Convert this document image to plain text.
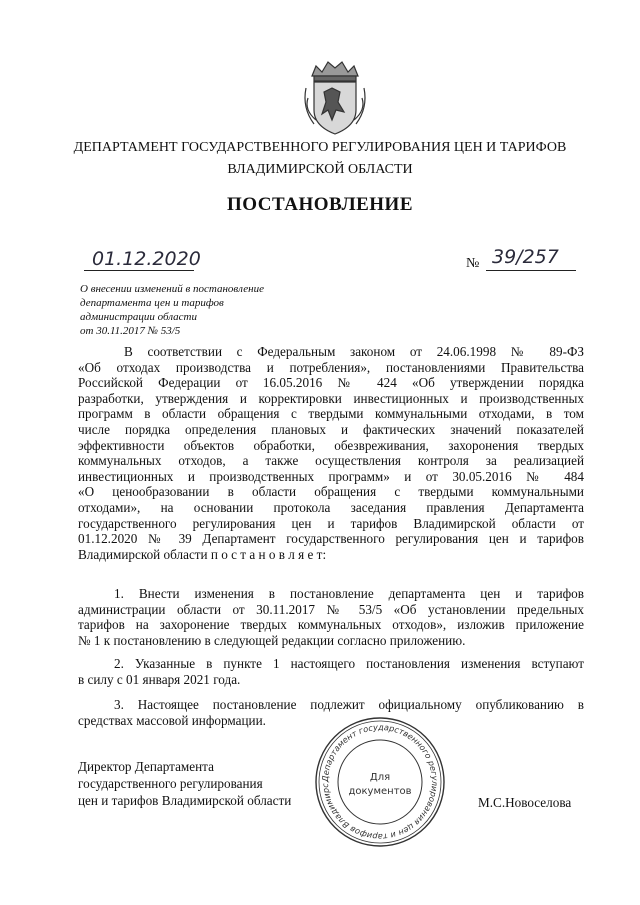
ДЕПАРТАМЕНТ ГОСУДАРСТВЕННОГО РЕГУЛИРОВАНИЯ ЦЕН И ТАРИФОВ
ВЛАДИМИРСКОЙ ОБЛАСТИ
ПОСТАНОВЛЕНИЕ
01.12.2020	№ 39/257
О внесении изменений в постановление
департамента цен и тарифов
администрации области
от 30.11.2017 № 53/5
В соответствии с Федеральным законом от 24.06.1998 № 89-ФЗ
«Об отходах производства и потребления», постановлениями Правительства
Российской Федерации от 16.05.2016 № 424 «Об утверждении порядка
разработки, утверждения и корректировки инвестиционных и производственных
программ в области обращения с твердыми коммунальными отходами, в том
числе порядка определения плановых и фактических значений показателей
эффективности объектов обработки, обезвреживания, захоронения твердых
коммунальных отходов, а также осуществления контроля за реализацией
инвестиционных и производственных программ» и от 30.05.2016 № 484
«О ценообразовании в области обращения с твердыми коммунальными
отходами», на основании протокола заседания правления Департамента
государственного регулирования цен и тарифов Владимирской области от
01.12.2020 № 39 Департамент государственного регулирования цен и тарифов
Владимирской области п о с т а н о в л я е т:
1. Внести изменения в постановление департамента цен и тарифов
администрации области от 30.11.2017 № 53/5 «Об установлении предельных
тарифов на захоронение твердых коммунальных отходов», изложив приложение
№ 1 к постановлению в следующей редакции согласно приложению.
2. Указанные в пункте 1 настоящего постановления изменения вступают
в силу с 01 января 2021 года.
3. Настоящее постановление подлежит официальному опубликованию в
средствах массовой информации.
Директор Департамента
государственного регулирования
цен и тарифов Владимирской области	М.С.Новоселова
Департамент государственного регулирования цен и тарифов Владимирс
Для
документов
